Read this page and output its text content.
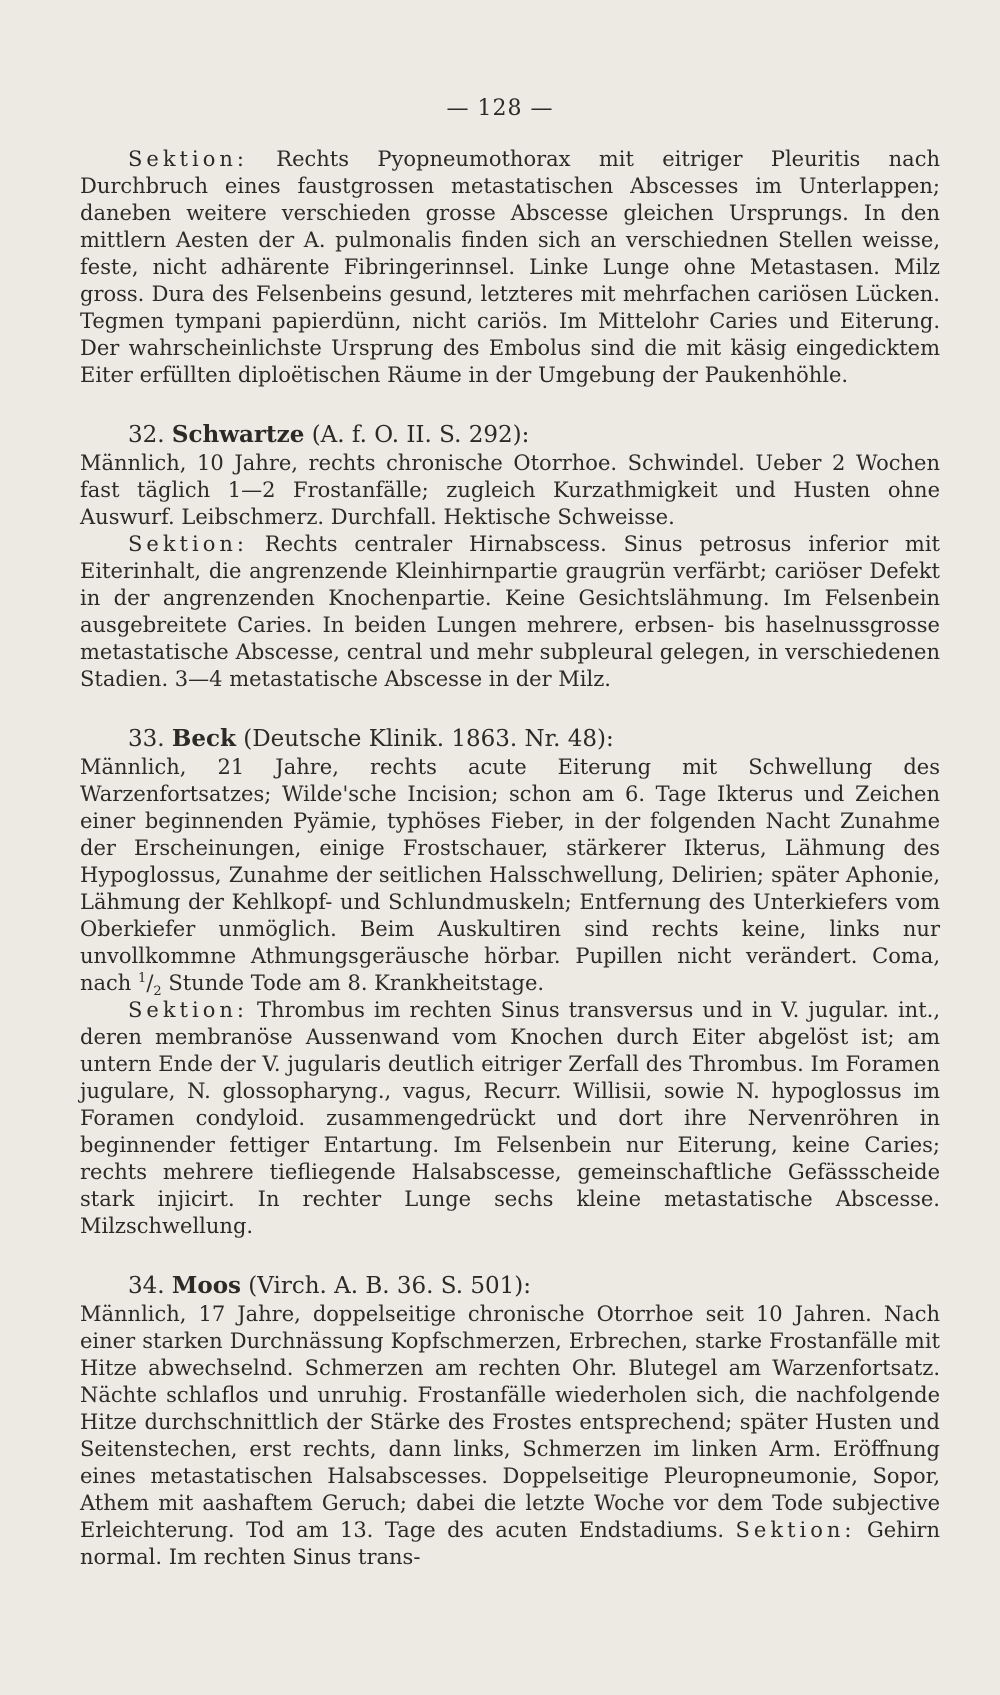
— 128 —

Sektion: Rechts Pyopneumothorax mit eitriger Pleuritis nach Durchbruch eines faustgrossen metastatischen Abscesses im Unterlappen; daneben weitere verschieden grosse Abscesse gleichen Ursprungs. In den mittlern Aesten der A. pulmonalis finden sich an verschiednen Stellen weisse, feste, nicht adhärente Fibringerinnsel. Linke Lunge ohne Metastasen. Milz gross. Dura des Felsenbeins gesund, letzteres mit mehrfachen cariösen Lücken. Tegmen tympani papierdünn, nicht cariös. Im Mittelohr Caries und Eiterung. Der wahrscheinlichste Ursprung des Embolus sind die mit käsig eingedicktem Eiter erfüllten diploëtischen Räume in der Umgebung der Paukenhöhle.

32. Schwartze (A. f. O. II. S. 292):

Männlich, 10 Jahre, rechts chronische Otorrhoe. Schwindel. Ueber 2 Wochen fast täglich 1—2 Frostanfälle; zugleich Kurzathmigkeit und Husten ohne Auswurf. Leibschmerz. Durchfall. Hektische Schweisse.

Sektion: Rechts centraler Hirnabscess. Sinus petrosus inferior mit Eiterinhalt, die angrenzende Kleinhirnpartie graugrün verfärbt; cariöser Defekt in der angrenzenden Knochenpartie. Keine Gesichtslähmung. Im Felsenbein ausgebreitete Caries. In beiden Lungen mehrere, erbsen- bis haselnussgrosse metastatische Abscesse, central und mehr subpleural gelegen, in verschiedenen Stadien. 3—4 metastatische Abscesse in der Milz.

33. Beck (Deutsche Klinik. 1863. Nr. 48):

Männlich, 21 Jahre, rechts acute Eiterung mit Schwellung des Warzenfortsatzes; Wilde'sche Incision; schon am 6. Tage Ikterus und Zeichen einer beginnenden Pyämie, typhöses Fieber, in der folgenden Nacht Zunahme der Erscheinungen, einige Frostschauer, stärkerer Ikterus, Lähmung des Hypoglossus, Zunahme der seitlichen Halsschwellung, Delirien; später Aphonie, Lähmung der Kehlkopf- und Schlundmuskeln; Entfernung des Unterkiefers vom Oberkiefer unmöglich. Beim Auskultiren sind rechts keine, links nur unvollkommne Athmungsgeräusche hörbar. Pupillen nicht verändert. Coma, nach $^1/_2$ Stunde Tode am 8. Krankheitstage.

Sektion: Thrombus im rechten Sinus transversus und in V. jugular. int., deren membranöse Aussenwand vom Knochen durch Eiter abgelöst ist; am untern Ende der V. jugularis deutlich eitriger Zerfall des Thrombus. Im Foramen jugulare, N. glossopharyng., vagus, Recurr. Willisii, sowie N. hypoglossus im Foramen condyloid. zusammengedrückt und dort ihre Nervenröhren in beginnender fettiger Entartung. Im Felsenbein nur Eiterung, keine Caries; rechts mehrere tiefliegende Halsabscesse, gemeinschaftliche Gefässscheide stark injicirt. In rechter Lunge sechs kleine metastatische Abscesse. Milzschwellung.

34. Moos (Virch. A. B. 36. S. 501):

Männlich, 17 Jahre, doppelseitige chronische Otorrhoe seit 10 Jahren. Nach einer starken Durchnässung Kopfschmerzen, Erbrechen, starke Frostanfälle mit Hitze abwechselnd. Schmerzen am rechten Ohr. Blutegel am Warzenfortsatz. Nächte schlaflos und unruhig. Frostanfälle wiederholen sich, die nachfolgende Hitze durchschnittlich der Stärke des Frostes entsprechend; später Husten und Seitenstechen, erst rechts, dann links, Schmerzen im linken Arm. Eröffnung eines metastatischen Halsabscesses. Doppelseitige Pleuropneumonie, Sopor, Athem mit aashaftem Geruch; dabei die letzte Woche vor dem Tode subjective Erleichterung. Tod am 13. Tage des acuten Endstadiums. Sektion: Gehirn normal. Im rechten Sinus trans-
